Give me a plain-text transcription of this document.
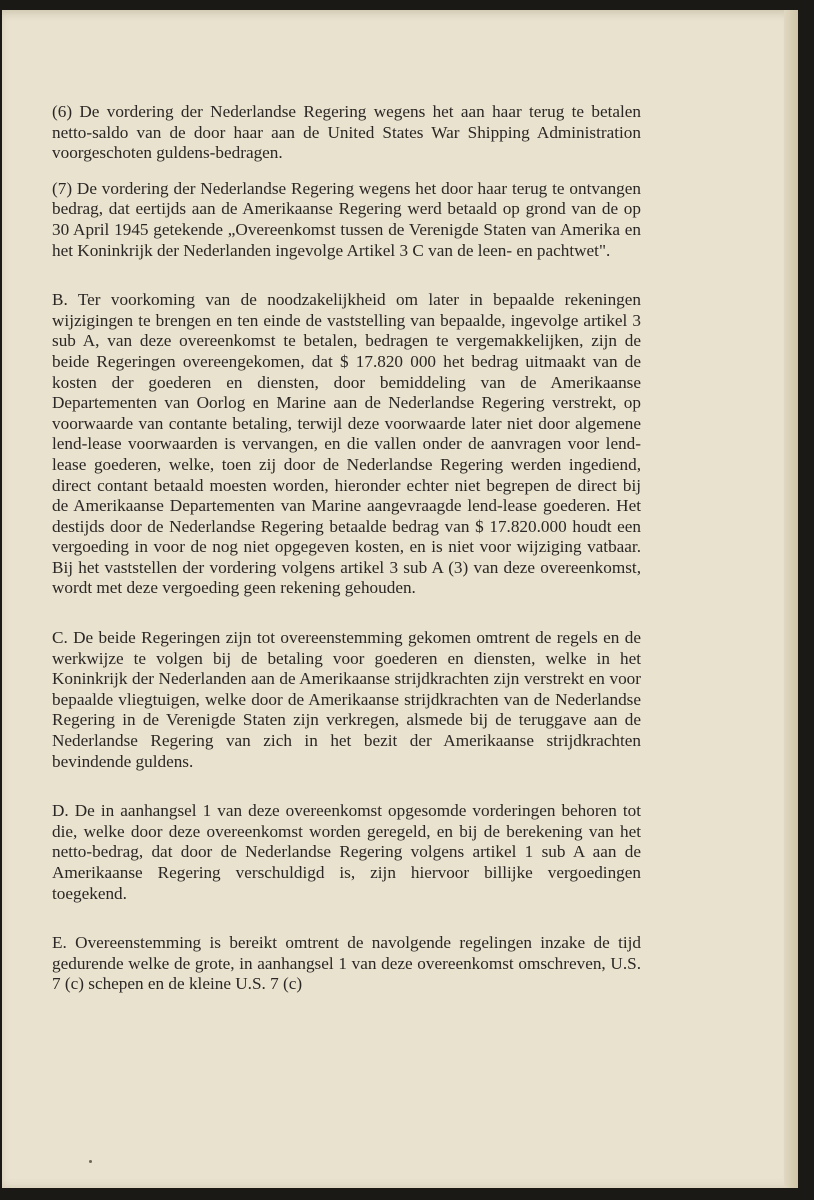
(6) De vordering der Nederlandse Regering wegens het aan haar terug te betalen netto-saldo van de door haar aan de United States War Shipping Administration voorgeschoten guldens-bedragen.

(7) De vordering der Nederlandse Regering wegens het door haar terug te ontvangen bedrag, dat eertijds aan de Amerikaanse Regering werd betaald op grond van de op 30 April 1945 getekende „Overeenkomst tussen de Verenigde Staten van Amerika en het Koninkrijk der Nederlanden ingevolge Artikel 3 C van de leen- en pachtwet".

B. Ter voorkoming van de noodzakelijkheid om later in bepaalde rekeningen wijzigingen te brengen en ten einde de vaststelling van bepaalde, ingevolge artikel 3 sub A, van deze overeenkomst te betalen, bedragen te vergemakkelijken, zijn de beide Regeringen overeengekomen, dat $ 17.820 000 het bedrag uitmaakt van de kosten der goederen en diensten, door bemiddeling van de Amerikaanse Departementen van Oorlog en Marine aan de Nederlandse Regering verstrekt, op voorwaarde van contante betaling, terwijl deze voorwaarde later niet door algemene lend-lease voorwaarden is vervangen, en die vallen onder de aanvragen voor lend-lease goederen, welke, toen zij door de Nederlandse Regering werden ingediend, direct contant betaald moesten worden, hieronder echter niet begrepen de direct bij de Amerikaanse Departementen van Marine aangevraagde lend-lease goederen. Het destijds door de Nederlandse Regering betaalde bedrag van $ 17.820.000 houdt een vergoeding in voor de nog niet opgegeven kosten, en is niet voor wijziging vatbaar. Bij het vaststellen der vordering volgens artikel 3 sub A (3) van deze overeenkomst, wordt met deze vergoeding geen rekening gehouden.

C. De beide Regeringen zijn tot overeenstemming gekomen omtrent de regels en de werkwijze te volgen bij de betaling voor goederen en diensten, welke in het Koninkrijk der Nederlanden aan de Amerikaanse strijdkrachten zijn verstrekt en voor bepaalde vliegtuigen, welke door de Amerikaanse strijdkrachten van de Nederlandse Regering in de Verenigde Staten zijn verkregen, alsmede bij de teruggave aan de Nederlandse Regering van zich in het bezit der Amerikaanse strijdkrachten bevindende guldens.

D. De in aanhangsel 1 van deze overeenkomst opgesomde vorderingen behoren tot die, welke door deze overeenkomst worden geregeld, en bij de berekening van het netto-bedrag, dat door de Nederlandse Regering volgens artikel 1 sub A aan de Amerikaanse Regering verschuldigd is, zijn hiervoor billijke vergoedingen toegekend.

E. Overeenstemming is bereikt omtrent de navolgende regelingen inzake de tijd gedurende welke de grote, in aanhangsel 1 van deze overeenkomst omschreven, U.S. 7 (c) schepen en de kleine U.S. 7 (c)
